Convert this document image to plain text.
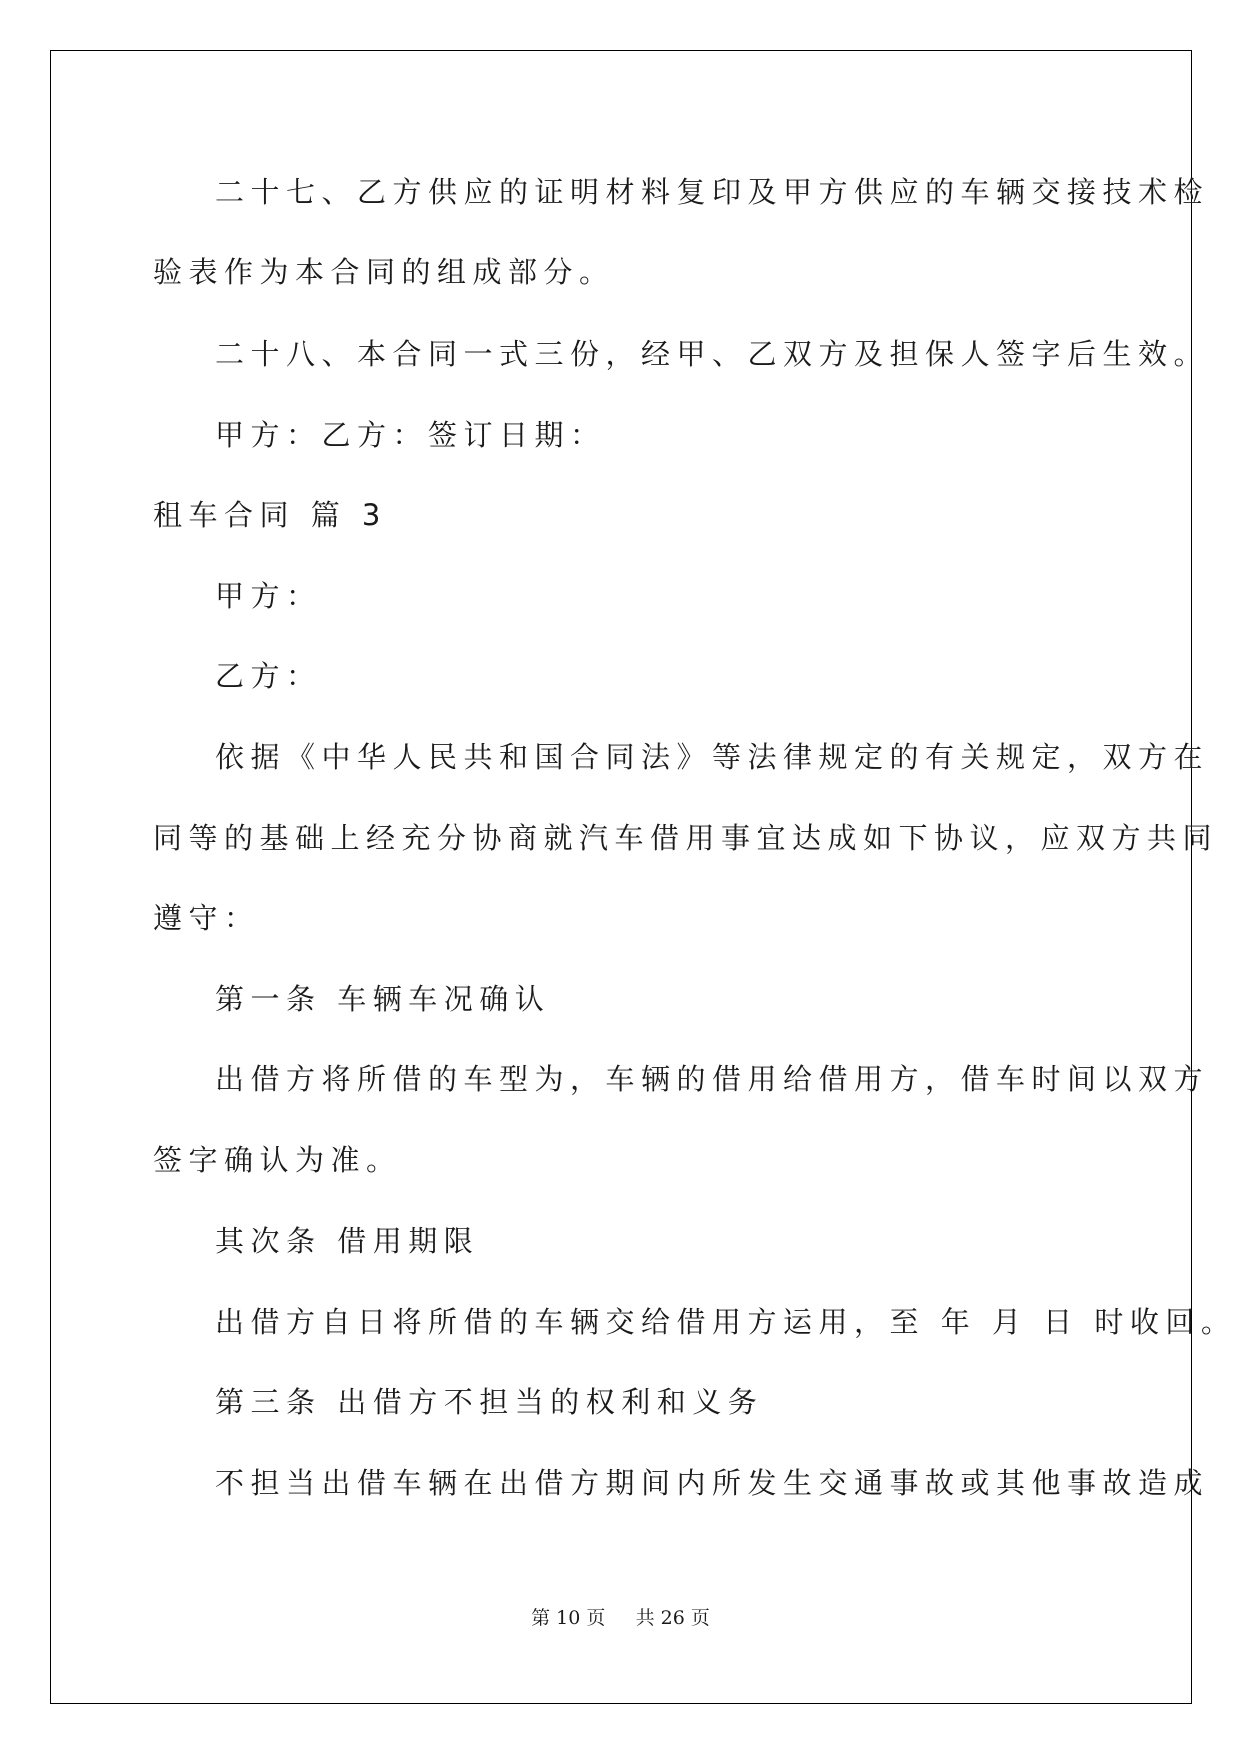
二十七、乙方供应的证明材料复印及甲方供应的车辆交接技术检
验表作为本合同的组成部分。
二十八、本合同一式三份，经甲、乙双方及担保人签字后生效。
甲方：乙方：签订日期：
租车合同 篇 3
甲方：
乙方：
依据《中华人民共和国合同法》等法律规定的有关规定，双方在
同等的基础上经充分协商就汽车借用事宜达成如下协议，应双方共同
遵守：
第一条 车辆车况确认
出借方将所借的车型为，车辆的借用给借用方，借车时间以双方
签字确认为准。
其次条 借用期限
出借方自日将所借的车辆交给借用方运用，至 年 月 日 时收回。
第三条 出借方不担当的权利和义务
不担当出借车辆在出借方期间内所发生交通事故或其他事故造成
第 10 页 共 26 页
